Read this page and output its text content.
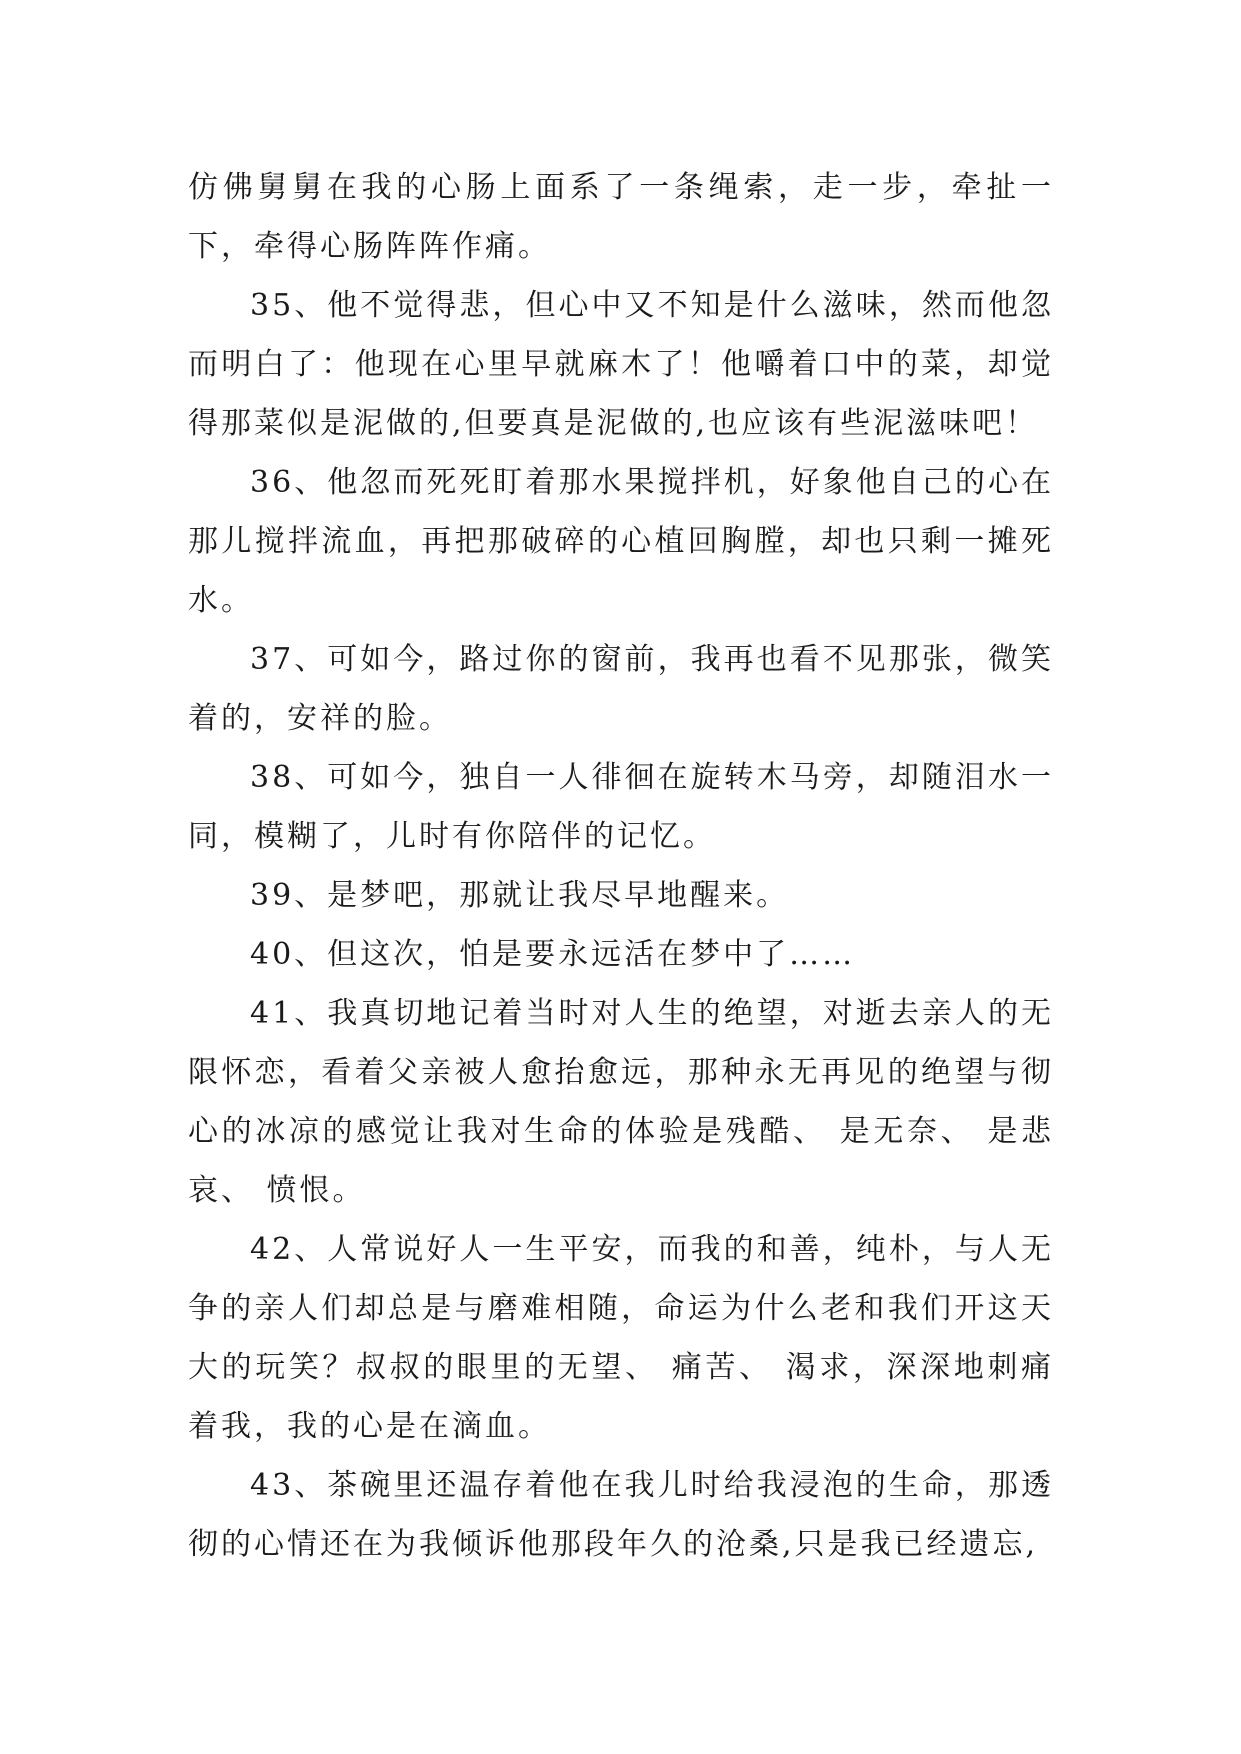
仿佛舅舅在我的心肠上面系了一条绳索，走一步，牵扯一下，牵得心肠阵阵作痛。

35、他不觉得悲，但心中又不知是什么滋味，然而他忽而明白了：他现在心里早就麻木了！他嚼着口中的菜，却觉得那菜似是泥做的,但要真是泥做的,也应该有些泥滋味吧！

36、他忽而死死盯着那水果搅拌机，好象他自己的心在那儿搅拌流血，再把那破碎的心植回胸膛，却也只剩一摊死水。

37、可如今，路过你的窗前，我再也看不见那张，微笑着的，安祥的脸。

38、可如今，独自一人徘徊在旋转木马旁，却随泪水一同，模糊了，儿时有你陪伴的记忆。

39、是梦吧，那就让我尽早地醒来。

40、但这次，怕是要永远活在梦中了……

41、我真切地记着当时对人生的绝望，对逝去亲人的无限怀恋，看着父亲被人愈抬愈远，那种永无再见的绝望与彻心的冰凉的感觉让我对生命的体验是残酷、 是无奈、 是悲哀、 愤恨。

42、人常说好人一生平安，而我的和善，纯朴，与人无争的亲人们却总是与磨难相随，命运为什么老和我们开这天大的玩笑？叔叔的眼里的无望、 痛苦、 渴求，深深地刺痛着我，我的心是在滴血。

43、茶碗里还温存着他在我儿时给我浸泡的生命，那透彻的心情还在为我倾诉他那段年久的沧桑,只是我已经遗忘,
